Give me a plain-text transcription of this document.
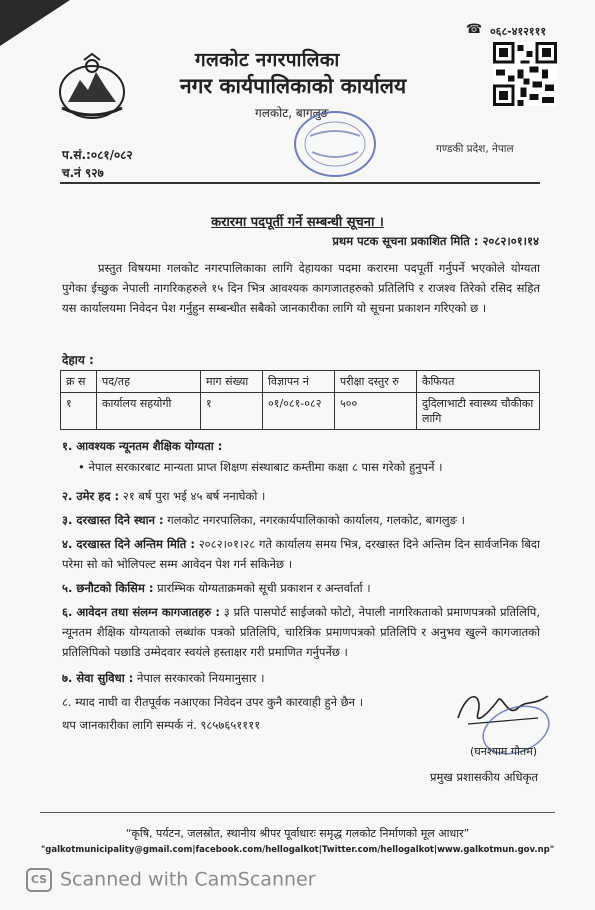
गलकोट नगरपालिका
नगर कार्यपालिकाको कार्यालय
गलकोट, बागलुङ
☎ ०६८-४१२१११
गण्डकी प्रदेश, नेपाल
प.सं.:०८१/०८२
च.नं ९२७
करारमा पदपूर्ती गर्ने सम्बन्धी सूचना ।
प्रथम पटक सूचना प्रकाशित मिति : २०८२।०१।१४
प्रस्तुत विषयमा गलकोट नगरपालिकाका लागि देहायका पदमा करारमा पदपूर्ती गर्नुपर्ने भएकोले योग्यता पुगेका ईच्छुक नेपाली नागरिकहरुले १५ दिन भित्र आवश्यक कागजातहरुको प्रतिलिपि र राजश्व तिरेको रसिद सहित यस कार्यालयमा निवेदन पेश गर्नुहुन सम्बन्धीत सबैको जानकारीका लागि यो सूचना प्रकाशन गरिएको छ ।
देहाय :
क्र स	पद/तह	माग संख्या	विज्ञापन नं	परीक्षा दस्तुर रु	कैफियत
१	कार्यालय सहयोगी	१	०१/०८१-०८२	५००	दुदिलाभाटी स्वास्थ्य चौकीका लागि
१. आवश्यक न्यूनतम शैक्षिक योग्यता :
• नेपाल सरकारबाट मान्यता प्राप्त शिक्षण संस्थाबाट कम्तीमा कक्षा ८ पास गरेको हुनुपर्ने ।
२. उमेर हद : २१ बर्ष पुरा भई ४५ बर्ष ननाघेको ।
३. दरखास्त दिने स्थान : गलकोट नगरपालिका, नगरकार्यपालिकाको कार्यालय, गलकोट, बागलुङ ।
४. दरखास्त दिने अन्तिम मिति : २०८२।०१।२८ गते कार्यालय समय भित्र, दरखास्त दिने अन्तिम दिन सार्वजनिक बिदा परेमा सो को भोलिपल्ट सम्म आवेदन पेश गर्न सकिनेछ ।
५. छनौटको किसिम : प्रारम्भिक योग्यताक्रमको सूची प्रकाशन र अन्तर्वार्ता ।
६. आवेदन तथा संलग्न कागजातहरु : ३ प्रति पासपोर्ट साईजको फोटो, नेपाली नागरिकताको प्रमाणपत्रको प्रतिलिपि, न्यूनतम शैक्षिक योग्यताको लब्धांक पत्रको प्रतिलिपि, चारित्रिक प्रमाणपत्रको प्रतिलिपि र अनुभव खुल्ने कागजातको प्रतिलिपिको पछाडि उम्मेदवार स्वयंले हस्ताक्षर गरी प्रमाणित गर्नुपर्नेछ ।
७. सेवा सुविधा : नेपाल सरकारको नियमानुसार ।
८. म्याद नाघी वा रीतपूर्वक नआएका निवेदन उपर कुनै कारवाही हुने छैन ।
थप जानकारीका लागि सम्पर्क नं. ९८५७६५११११
(घनश्याम गौतम)
प्रमुख प्रशासकीय अधिकृत
“कृषि, पर्यटन, जलस्रोत, स्थानीय श्रीपर पूर्वाधारः समृद्ध गलकोट निर्माणको मूल आधार”
"galkotmunicipality@gmail.com|facebook.com/hellogalkot|Twitter.com/hellogalkot|www.galkotmun.gov.np"
CS Scanned with CamScanner
